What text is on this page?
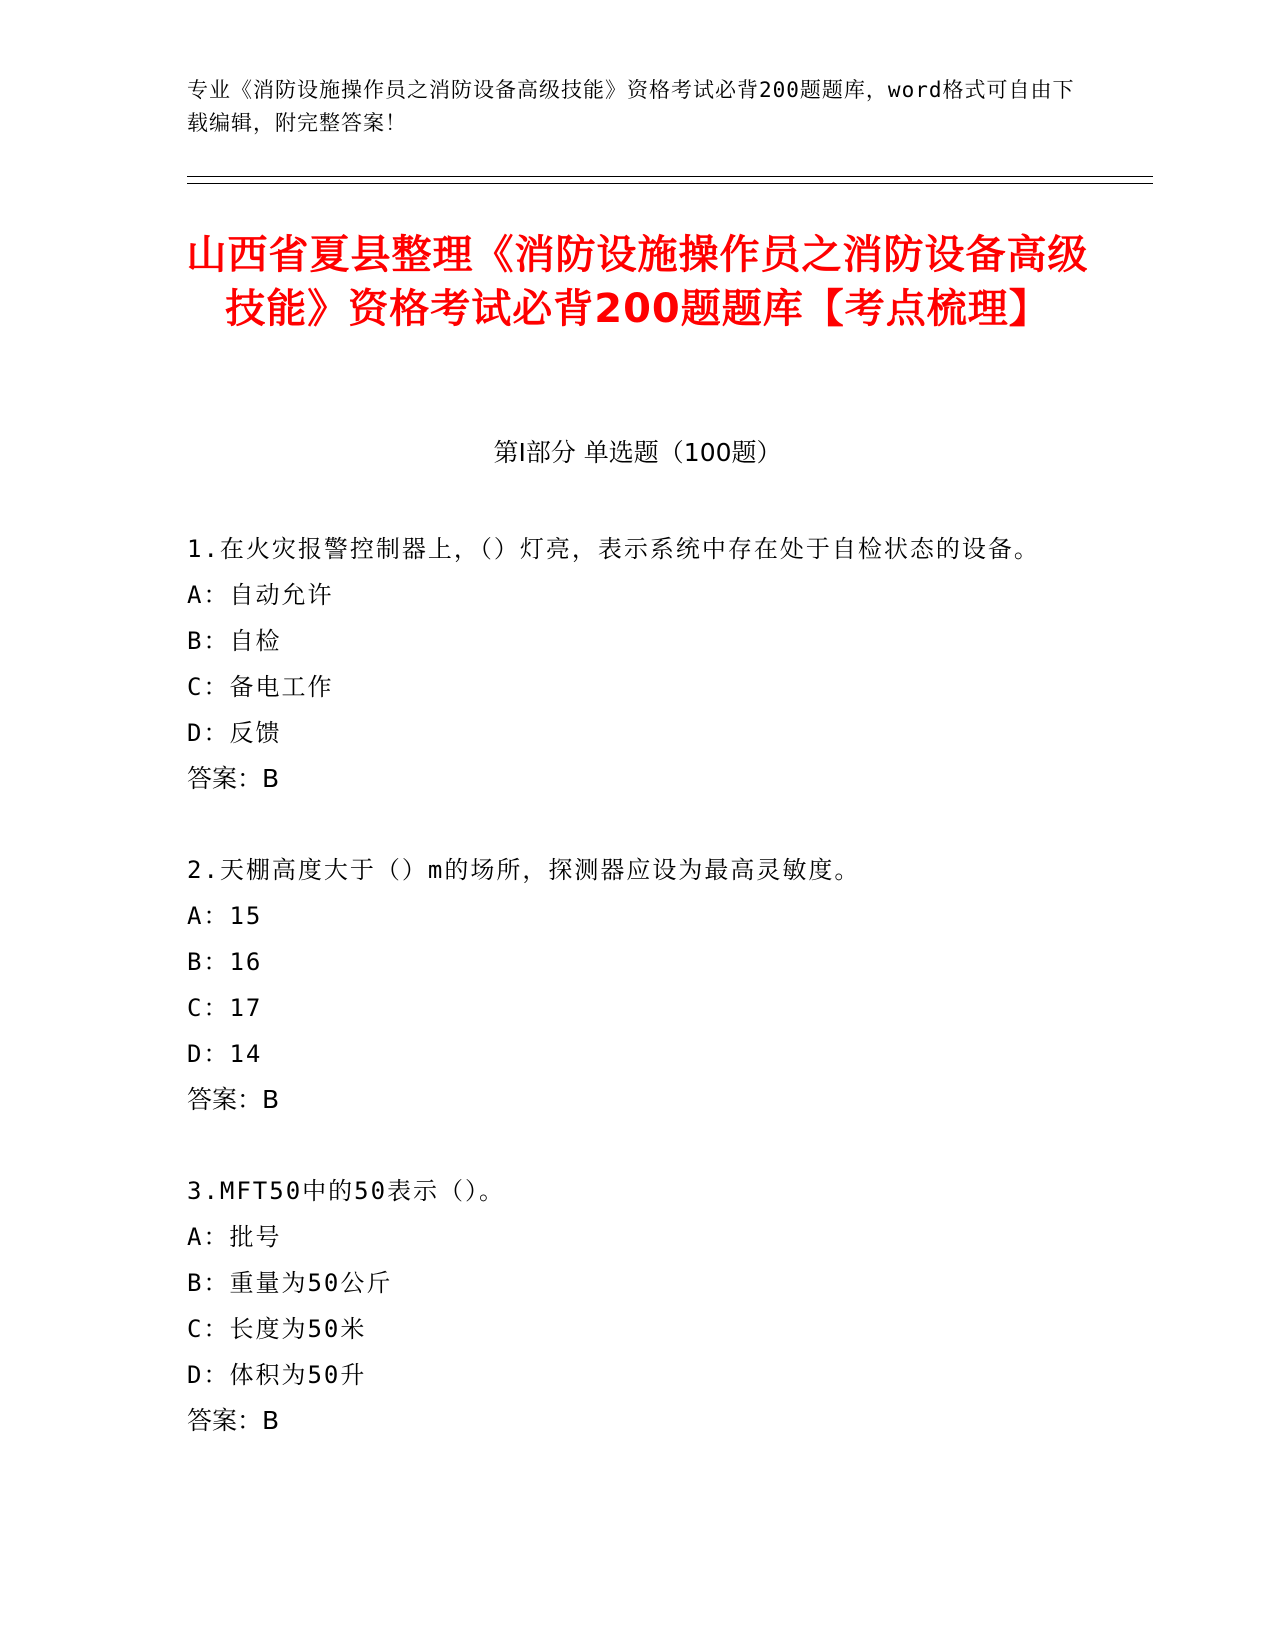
专业《消防设施操作员之消防设备高级技能》资格考试必背200题题库，word格式可自由下载编辑，附完整答案！
山西省夏县整理《消防设施操作员之消防设备高级技能》资格考试必背200题题库【考点梳理】
第I部分 单选题（100题）
1.在火灾报警控制器上，（）灯亮，表示系统中存在处于自检状态的设备。
A：自动允许
B：自检
C：备电工作
D：反馈
答案：B
2.天棚高度大于（）m的场所，探测器应设为最高灵敏度。
A：15
B：16
C：17
D：14
答案：B
3.MFT50中的50表示（）。
A：批号
B：重量为50公斤
C：长度为50米
D：体积为50升
答案：B
